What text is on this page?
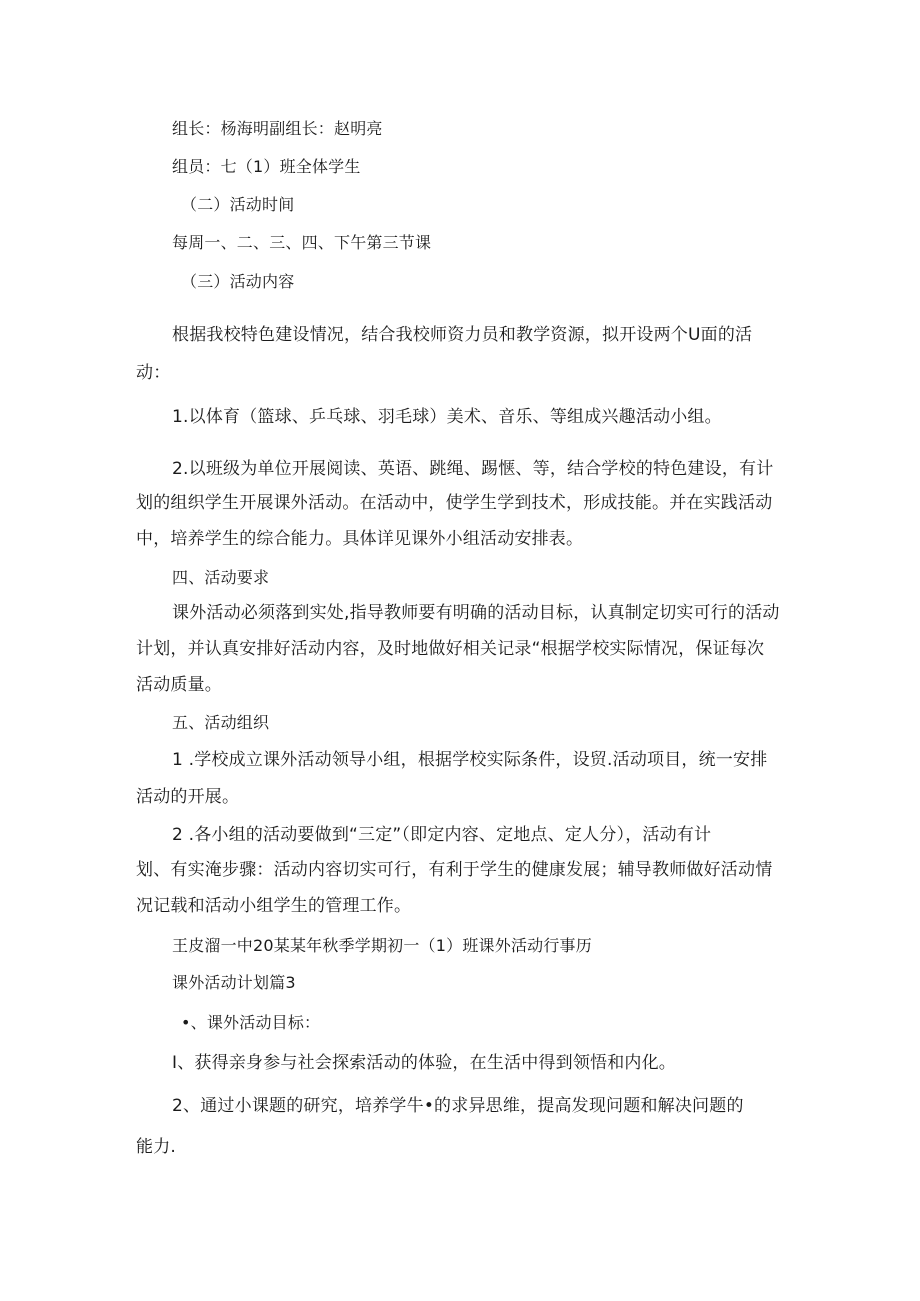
组长：杨海明副组长：赵明亮
组员：七（1）班全体学生
（二）活动时间
每周一、二、三、四、下午第三节课
（三）活动内容
根据我校特色建设情况，结合我校师资力员和教学资源，拟开设两个U面的活
动：
1.以体育（篮球、乒乓球、羽毛球）美术、音乐、等组成兴趣活动小组。
2.以班级为单位开展阅读、英语、跳绳、踢惬、等，结合学校的特色建设，有计
划的组织学生开展课外活动。在活动中，使学生学到技术，形成技能。并在实践活动
中，培养学生的综合能力。具体详见课外小组活动安排表。
四、活动要求
课外活动必须落到实处,指导教师要有明确的活动目标，认真制定切实可行的活动
计划，并认真安排好活动内容，及时地做好相关记录“根据学校实际情况，保证每次
活动质量。
五、活动组织
1 .学校成立课外活动领导小组，根据学校实际条件，设贸.活动项目，统一安排
活动的开展。
2 .各小组的活动要做到“三定”（即定内容、定地点、定人分），活动有计
划、有实淹步骤：活动内容切实可行，有利于学生的健康发展；辅导教师做好活动情
况记载和活动小组学生的管理工作。
王皮溜一中20某某年秋季学期初一（1）班课外活动行事历
课外活动计划篇3
•、课外活动目标：
I、获得亲身参与社会探索活动的体验，在生活中得到领悟和内化。
2、通过小课题的研究，培养学牛•的求异思维，提高发现问题和解决问题的
能力.
